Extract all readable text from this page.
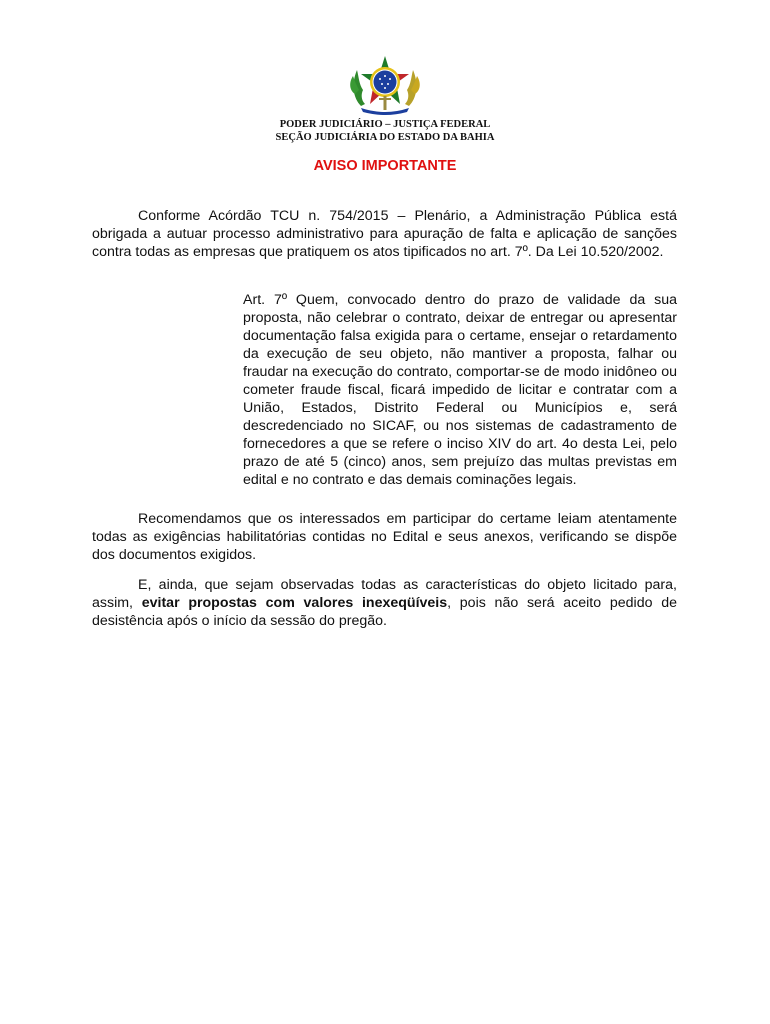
PODER JUDICIÁRIO – JUSTIÇA FEDERAL
SEÇÃO JUDICIÁRIA DO ESTADO DA BAHIA
AVISO IMPORTANTE

Conforme Acórdão TCU n. 754/2015 – Plenário, a Administração Pública está obrigada a autuar processo administrativo para apuração de falta e aplicação de sanções contra todas as empresas que pratiquem os atos tipificados no art. 7º. Da Lei 10.520/2002.

Art. 7º Quem, convocado dentro do prazo de validade da sua proposta, não celebrar o contrato, deixar de entregar ou apresentar documentação falsa exigida para o certame, ensejar o retardamento da execução de seu objeto, não mantiver a proposta, falhar ou fraudar na execução do contrato, comportar-se de modo inidôneo ou cometer fraude fiscal, ficará impedido de licitar e contratar com a União, Estados, Distrito Federal ou Municípios e, será descredenciado no SICAF, ou nos sistemas de cadastramento de fornecedores a que se refere o inciso XIV do art. 4o desta Lei, pelo prazo de até 5 (cinco) anos, sem prejuízo das multas previstas em edital e no contrato e das demais cominações legais.

Recomendamos que os interessados em participar do certame leiam atentamente todas as exigências habilitatórias contidas no Edital e seus anexos, verificando se dispõe dos documentos exigidos.

E, ainda, que sejam observadas todas as características do objeto licitado para, assim, evitar propostas com valores inexeqüíveis, pois não será aceito pedido de desistência após o início da sessão do pregão.
